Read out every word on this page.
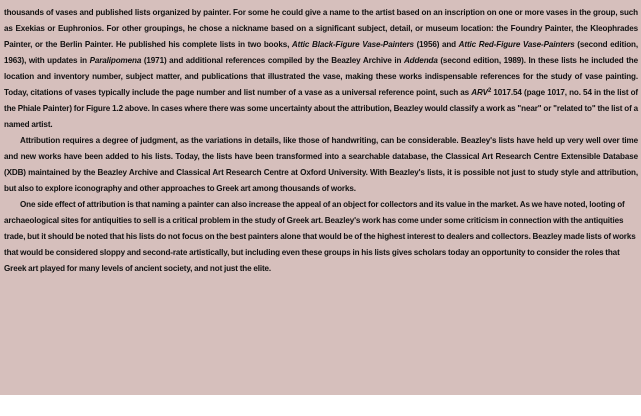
thousands of vases and published lists organized by painter. For some he could give a name to the artist based on an inscription on one or more vases in the group, such as Exekias or Euphronios. For other groupings, he chose a nickname based on a significant subject, detail, or museum location: the Foundry Painter, the Kleophrades Painter, or the Berlin Painter. He published his complete lists in two books, Attic Black-Figure Vase-Painters (1956) and Attic Red-Figure Vase-Painters (second edition, 1963), with updates in Paralipomena (1971) and additional references compiled by the Beazley Archive in Addenda (second edition, 1989). In these lists he included the location and inventory number, subject matter, and publications that illustrated the vase, making these works indispensable references for the study of vase painting. Today, citations of vases typically include the page number and list number of a vase as a universal reference point, such as ARV$^2$ 1017.54 (page 1017, no. 54 in the list of the Phiale Painter) for Figure 1.2 above. In cases where there was some uncertainty about the attribution, Beazley would classify a work as "near" or "related to" the list of a named artist.

Attribution requires a degree of judgment, as the variations in details, like those of handwriting, can be considerable. Beazley's lists have held up very well over time and new works have been added to his lists. Today, the lists have been transformed into a searchable database, the Classical Art Research Centre Extensible Database (XDB) maintained by the Beazley Archive and Classical Art Research Centre at Oxford University. With Beazley's lists, it is possible not just to study style and attribution, but also to explore iconography and other approaches to Greek art among thousands of works.

One side effect of attribution is that naming a painter can also increase the appeal of an object for collectors and its value in the market. As we have noted, looting of archaeological sites for antiquities to sell is a critical problem in the study of Greek art. Beazley's work has come under some criticism in connection with the antiquities trade, but it should be noted that his lists do not focus on the best painters alone that would be of the highest interest to dealers and collectors. Beazley made lists of works that would be considered sloppy and second-rate artistically, but including even these groups in his lists gives scholars today an opportunity to consider the roles that Greek art played for many levels of ancient society, and not just the elite.
